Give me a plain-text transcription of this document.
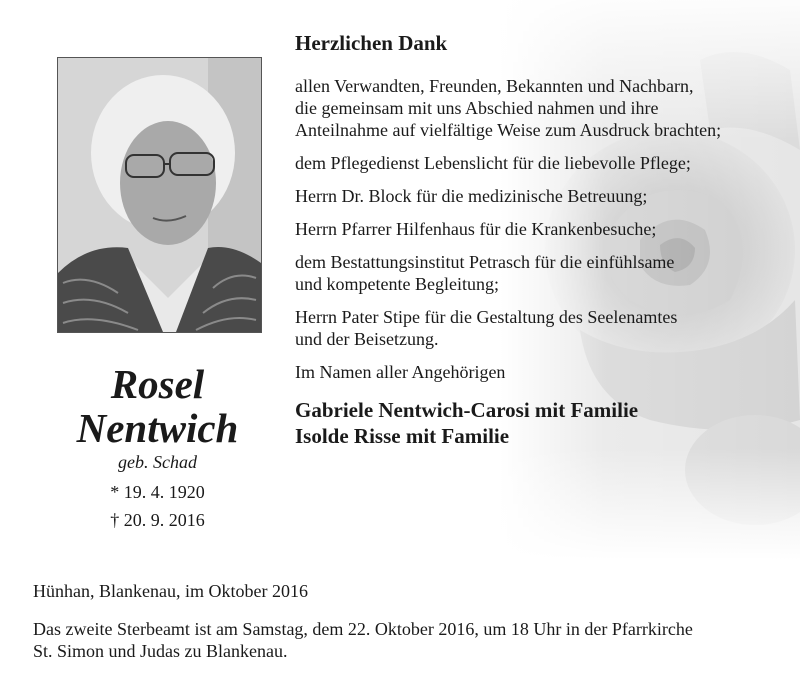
Rosel
Nentwich
geb. Schad
* 19. 4. 1920
† 20. 9. 2016
Herzlichen Dank
allen Verwandten, Freunden, Bekannten und Nachbarn,
die gemeinsam mit uns Abschied nahmen und ihre
Anteilnahme auf vielfältige Weise zum Ausdruck brachten;
dem Pflegedienst Lebenslicht für die liebevolle Pflege;
Herrn Dr. Block für die medizinische Betreuung;
Herrn Pfarrer Hilfenhaus für die Krankenbesuche;
dem Bestattungsinstitut Petrasch für die einfühlsame
und kompetente Begleitung;
Herrn Pater Stipe für die Gestaltung des Seelenamtes
und der Beisetzung.
Im Namen aller Angehörigen
Gabriele Nentwich-Carosi mit Familie
Isolde Risse mit Familie
Hünhan, Blankenau, im Oktober 2016
Das zweite Sterbeamt ist am Samstag, dem 22. Oktober 2016, um 18 Uhr in der Pfarrkirche
St. Simon und Judas zu Blankenau.
